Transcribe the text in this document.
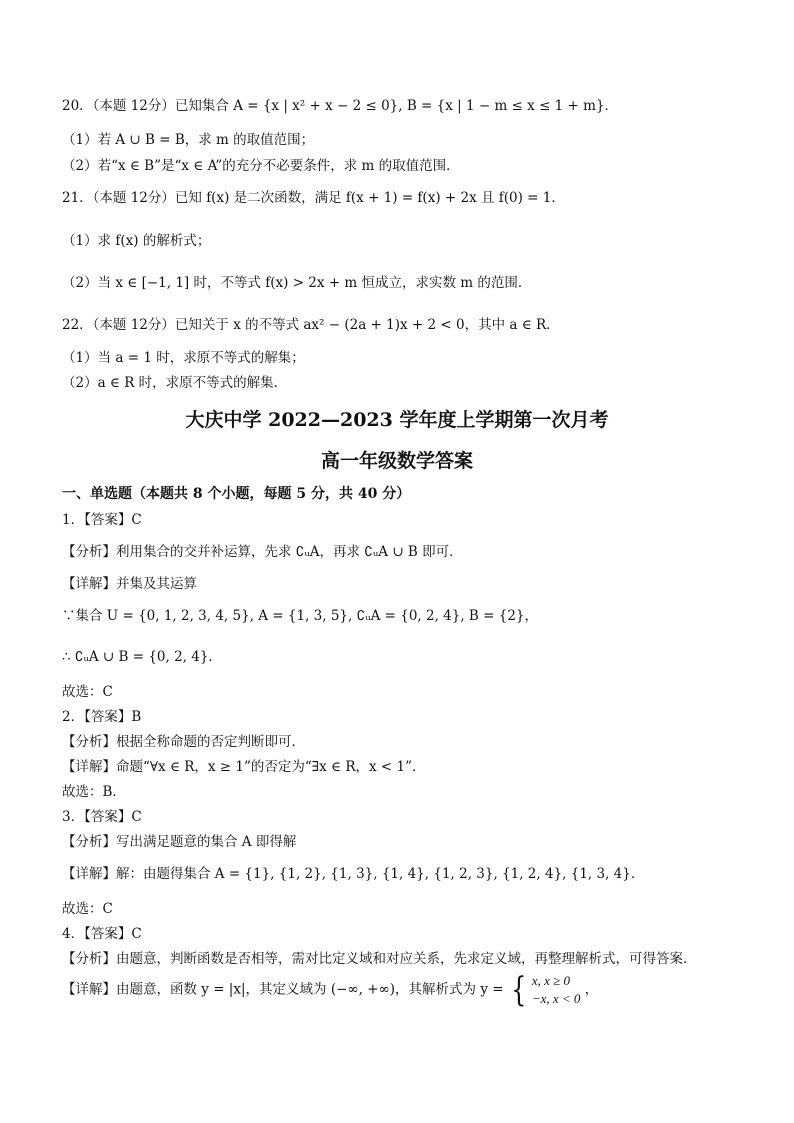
20．（本题 12分）已知集合 A = {x | x² + x − 2 ≤ 0}, B = {x | 1 − m ≤ x ≤ 1 + m}．
（1）若 A ∪ B = B，求 m 的取值范围；
（2）若“x ∈ B”是“x ∈ A”的充分不必要条件，求 m 的取值范围．
21．（本题 12分）已知 f(x) 是二次函数，满足 f(x + 1) = f(x) + 2x 且 f(0) = 1．
（1）求 f(x) 的解析式；
（2）当 x ∈ [−1, 1] 时，不等式 f(x) > 2x + m 恒成立，求实数 m 的范围．
22．（本题 12分）已知关于 x 的不等式 ax² − (2a + 1)x + 2 < 0，其中 a ∈ R．
（1）当 a = 1 时，求原不等式的解集；
（2）a ∈ R 时，求原不等式的解集．
大庆中学 2022—2023 学年度上学期第一次月考
高一年级数学答案
一、单选题（本题共 8 个小题，每题 5 分，共 40 分）
1．【答案】C
【分析】利用集合的交并补运算，先求 ∁ᵤA，再求 ∁ᵤA ∪ B 即可．
【详解】并集及其运算
∵集合 U = {0, 1, 2, 3, 4, 5}, A = {1, 3, 5}, ∁ᵤA = {0, 2, 4}, B = {2}，
∴ ∁ᵤA ∪ B = {0, 2, 4}．
故选：C
2．【答案】B
【分析】根据全称命题的否定判断即可．
【详解】命题“∀x ∈ R，x ≥ 1”的否定为“∃x ∈ R，x < 1”．
故选：B．
3．【答案】C
【分析】写出满足题意的集合 A 即得解
【详解】解：由题得集合 A = {1}, {1, 2}, {1, 3}, {1, 4}, {1, 2, 3}, {1, 2, 4}, {1, 3, 4}．
故选：C
4．【答案】C
【分析】由题意，判断函数是否相等，需对比定义域和对应关系，先求定义域，再整理解析式，可得答案．
【详解】由题意，函数 y = |x|，其定义域为 (−∞, +∞)，其解析式为 y = { x, x ≥ 0
−x, x < 0
，
